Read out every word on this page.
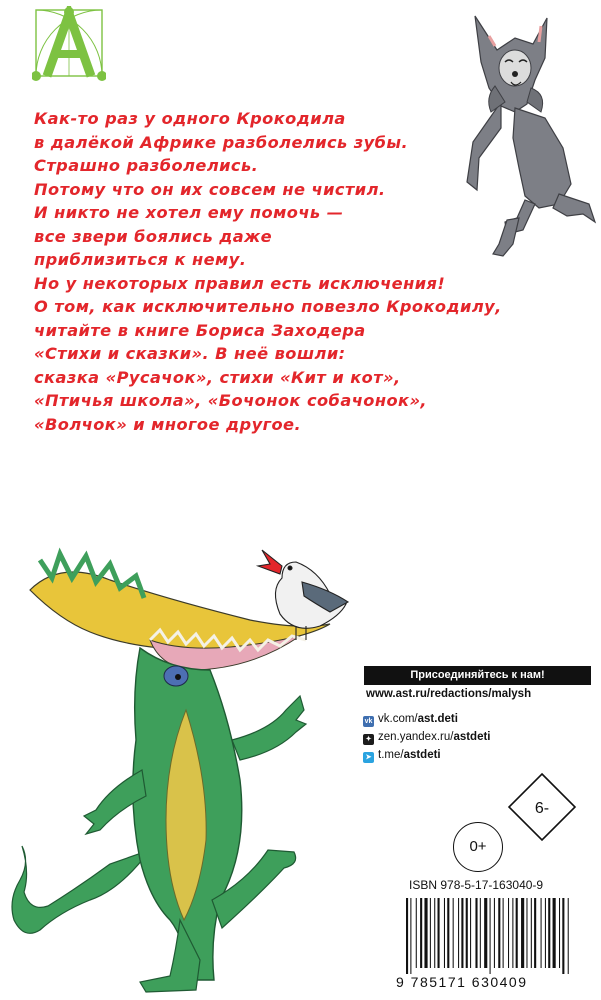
Как-то раз у одного Крокодила
в далёкой Африке разболелись зубы.
Страшно разболелись.
Потому что он их совсем не чистил.
И никто не хотел ему помочь —
все звери боялись даже
приблизиться к нему.
Но у некоторых правил есть исключения!
О том, как исключительно повезло Крокодилу,
читайте в книге Бориса Заходера
«Стихи и сказки». В неё вошли:
сказка «Русачок», стихи «Кит и кот»,
«Птичья школа», «Бочонок собачонок»,
«Волчок» и многое другое.
Присоединяйтесь к нам!
www.ast.ru/redactions/malysh
vk vk.com/ast.deti
✦ zen.yandex.ru/astdeti
➤ t.me/astdeti
6-
0+
ISBN 978-5-17-163040-9
9 785171 630409
